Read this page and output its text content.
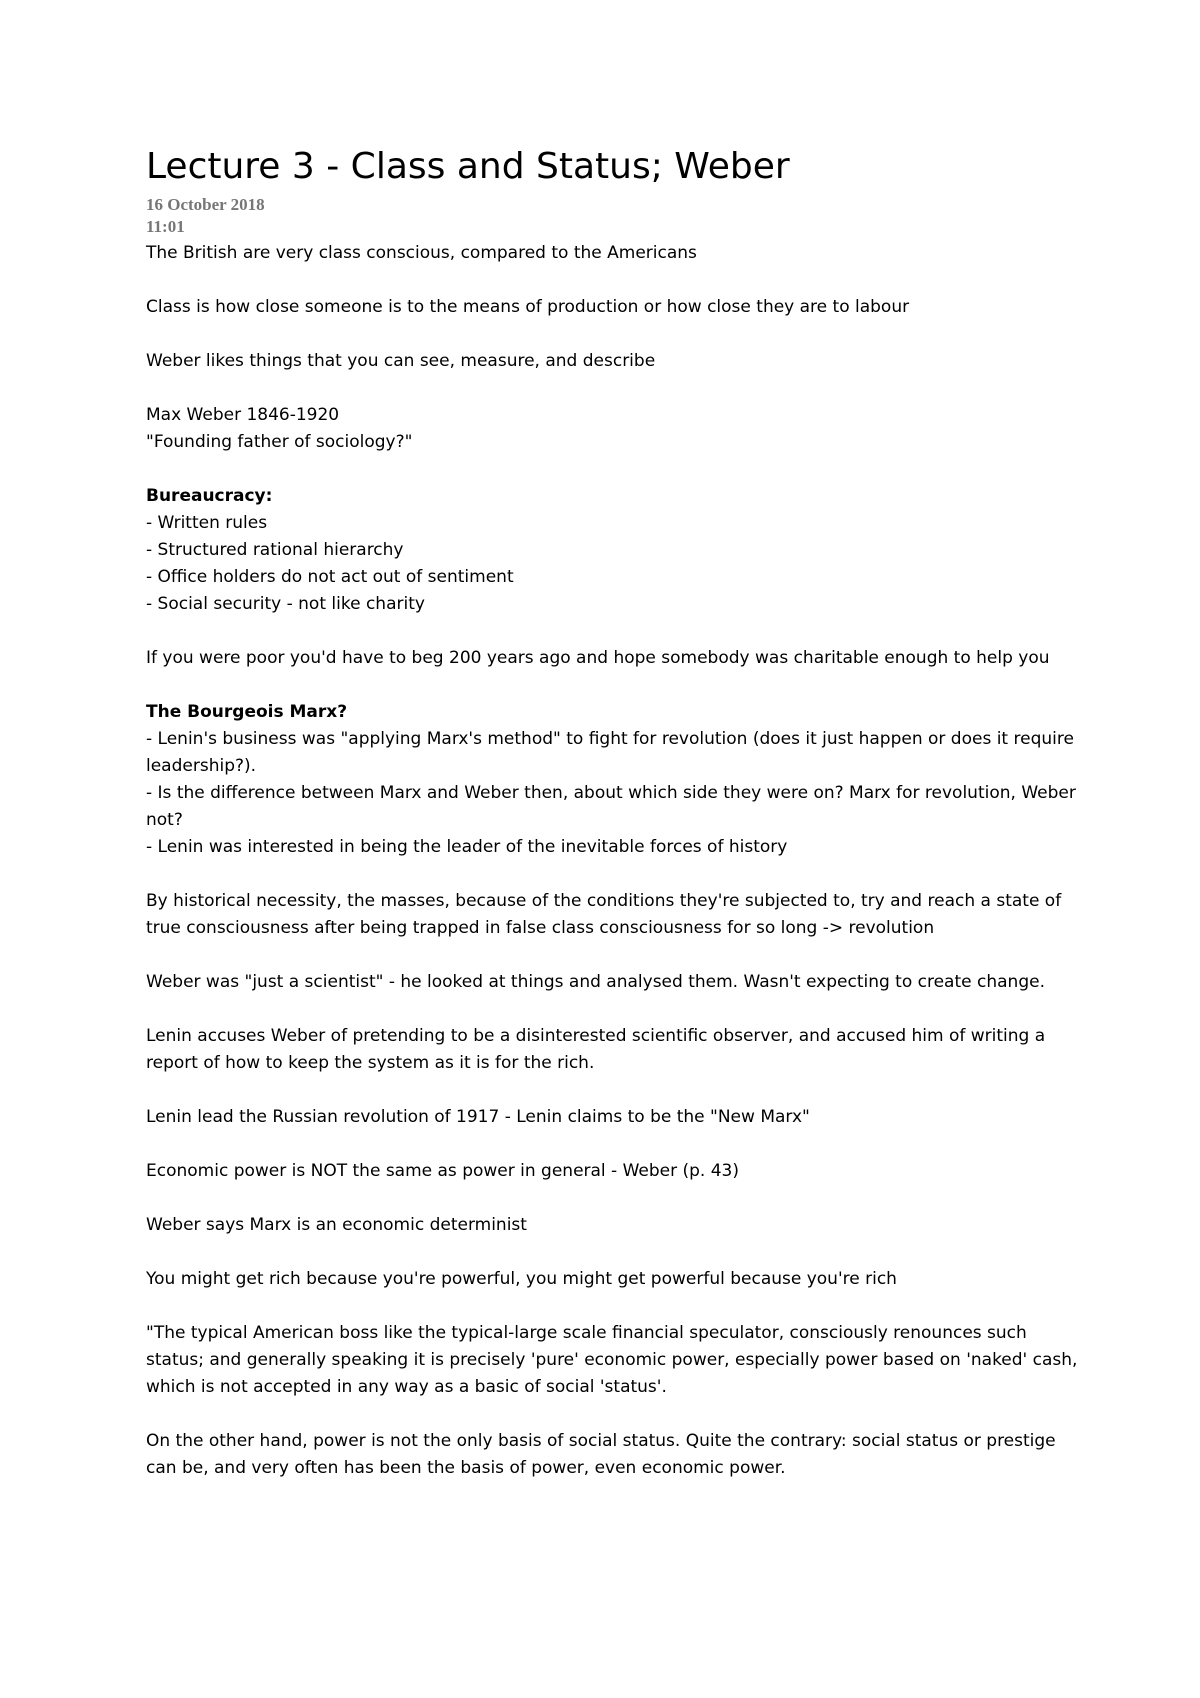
Lecture 3 - Class and Status; Weber
16 October 2018
11:01

The British are very class conscious, compared to the Americans

Class is how close someone is to the means of production or how close they are to labour

Weber likes things that you can see, measure, and describe

Max Weber 1846-1920

"Founding father of sociology?"

Bureaucracy:

- Written rules

- Structured rational hierarchy

- Office holders do not act out of sentiment

- Social security - not like charity

If you were poor you'd have to beg 200 years ago and hope somebody was charitable enough to help you

The Bourgeois Marx?

- Lenin's business was "applying Marx's method" to fight for revolution (does it just happen or does it require leadership?).

- Is the difference between Marx and Weber then, about which side they were on? Marx for revolution, Weber not?

- Lenin was interested in being the leader of the inevitable forces of history

By historical necessity, the masses, because of the conditions they're subjected to, try and reach a state of true consciousness after being trapped in false class consciousness for so long -> revolution

Weber was "just a scientist" - he looked at things and analysed them. Wasn't expecting to create change.

Lenin accuses Weber of pretending to be a disinterested scientific observer, and accused him of writing a report of how to keep the system as it is for the rich.

Lenin lead the Russian revolution of 1917 - Lenin claims to be the "New Marx"

Economic power is NOT the same as power in general - Weber (p. 43)

Weber says Marx is an economic determinist

You might get rich because you're powerful, you might get powerful because you're rich

"The typical American boss like the typical-large scale financial speculator, consciously renounces such status; and generally speaking it is precisely 'pure' economic power, especially power based on 'naked' cash, which is not accepted in any way as a basic of social 'status'.

On the other hand, power is not the only basis of social status. Quite the contrary: social status or prestige can be, and very often has been the basis of power, even economic power.
